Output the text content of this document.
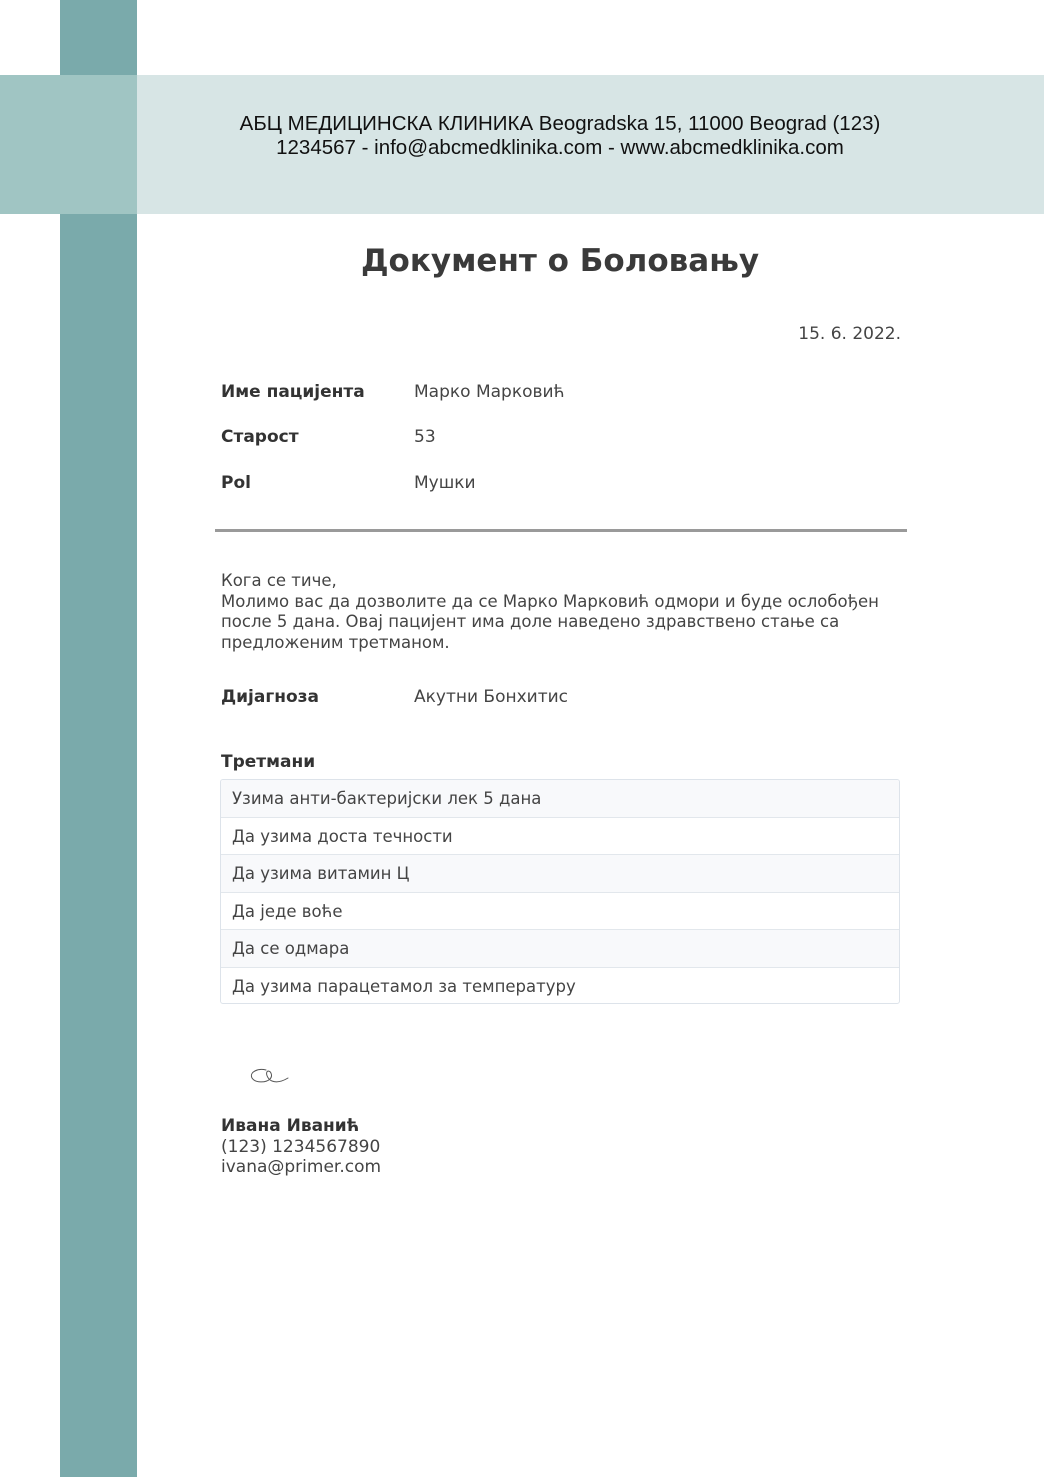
АБЦ МЕДИЦИНСКА КЛИНИКА Beogradska 15, 11000 Beograd (123) 1234567 - info@abcmedklinika.com - www.abcmedklinika.com
Документ о Боловању
15. 6. 2022.
Име пацијента	Марко Марковић
Старост	53
Pol	Мушки

Кога се тиче,

Молимо вас да дозволите да се Марко Марковић одмори и буде ослобођен после 5 дана. Овај пацијент има доле наведено здравствено стање са предложеним третманом.

Дијагноза	Акутни Бонхитис
Третмани
Узима анти-бактеријски лек 5 дана
Да узима доста течности
Да узима витамин Ц
Да једе воће
Да се одмара
Да узима парацетамол за температуру
Ивана Иванић
(123) 1234567890
ivana@primer.com
